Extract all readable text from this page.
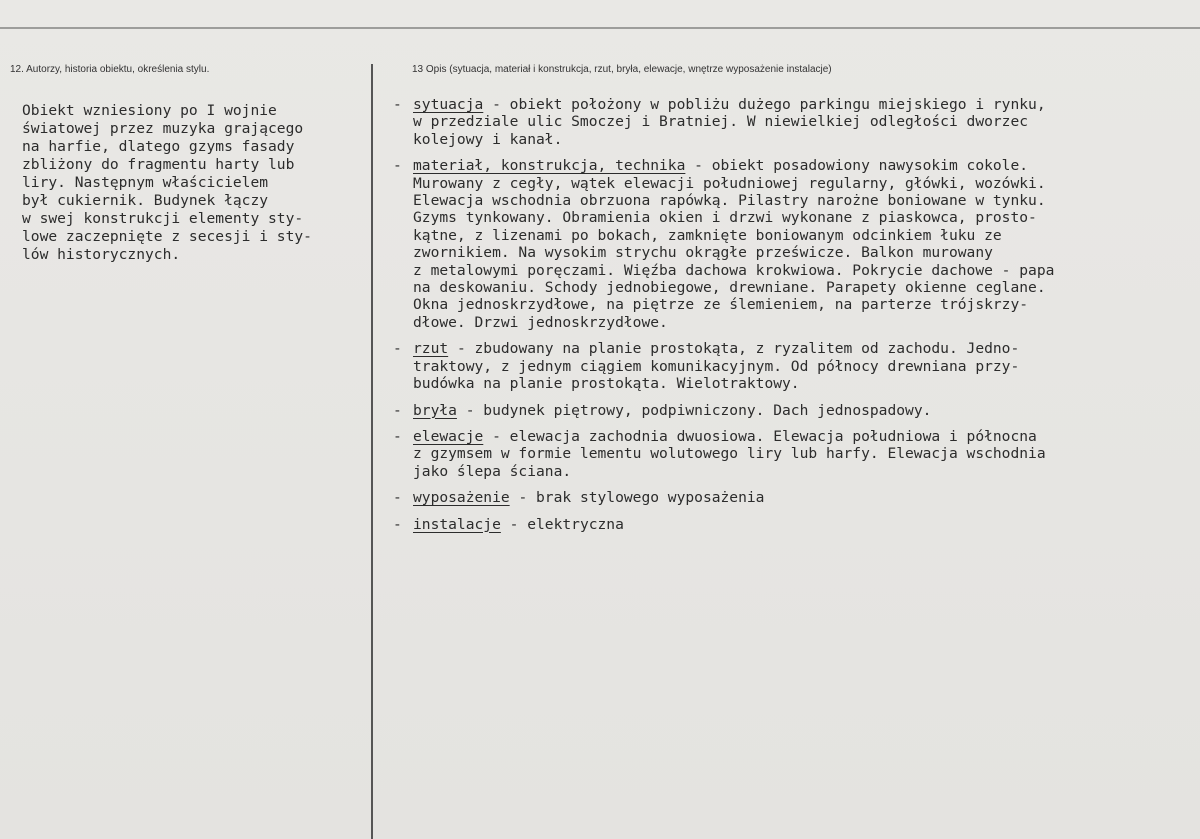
12. Autorzy, historia obiektu, określenia stylu.	13 Opis (sytuacja, materiał i konstrukcja, rzut, bryła, elewacje, wnętrze wyposażenie instalacje)
Obiekt wzniesiony po I wojnie
światowej przez muzyka grającego
na harfie, dlatego gzyms fasady
zbliżony do fragmentu harty lub
liry. Następnym właścicielem
był cukiernik. Budynek łączy
w swej konstrukcji elementy sty-
lowe zaczepnięte z secesji i sty-
lów historycznych.
- sytuacja - obiekt położony w pobliżu dużego parkingu miejskiego i rynku,
w przedziale ulic Smoczej i Bratniej. W niewielkiej odległości dworzec
kolejowy i kanał.
- materiał, konstrukcja, technika - obiekt posadowiony nawysokim cokole.
Murowany z cegły, wątek elewacji południowej regularny, główki, wozówki.
Elewacja wschodnia obrzuona rapówką. Pilastry narożne boniowane w tynku.
Gzyms tynkowany. Obramienia okien i drzwi wykonane z piaskowca, prosto-
kątne, z lizenami po bokach, zamknięte boniowanym odcinkiem łuku ze
zwornikiem. Na wysokim strychu okrągłe prześwicze. Balkon murowany
z metalowymi poręczami. Więźba dachowa krokwiowa. Pokrycie dachowe - papa
na deskowaniu. Schody jednobiegowe, drewniane. Parapety okienne ceglane.
Okna jednoskrzydłowe, na piętrze ze ślemieniem, na parterze trójskrzy-
dłowe. Drzwi jednoskrzydłowe.
- rzut - zbudowany na planie prostokąta, z ryzalitem od zachodu. Jedno-
traktowy, z jednym ciągiem komunikacyjnym. Od północy drewniana przy-
budówka na planie prostokąta. Wielotraktowy.
- bryła - budynek piętrowy, podpiwniczony. Dach jednospadowy.
- elewacje - elewacja zachodnia dwuosiowa. Elewacja południowa i północna
z gzymsem w formie lementu wolutowego liry lub harfy. Elewacja wschodnia
jako ślepa ściana.
- wyposażenie - brak stylowego wyposażenia
- instalacje - elektryczna
